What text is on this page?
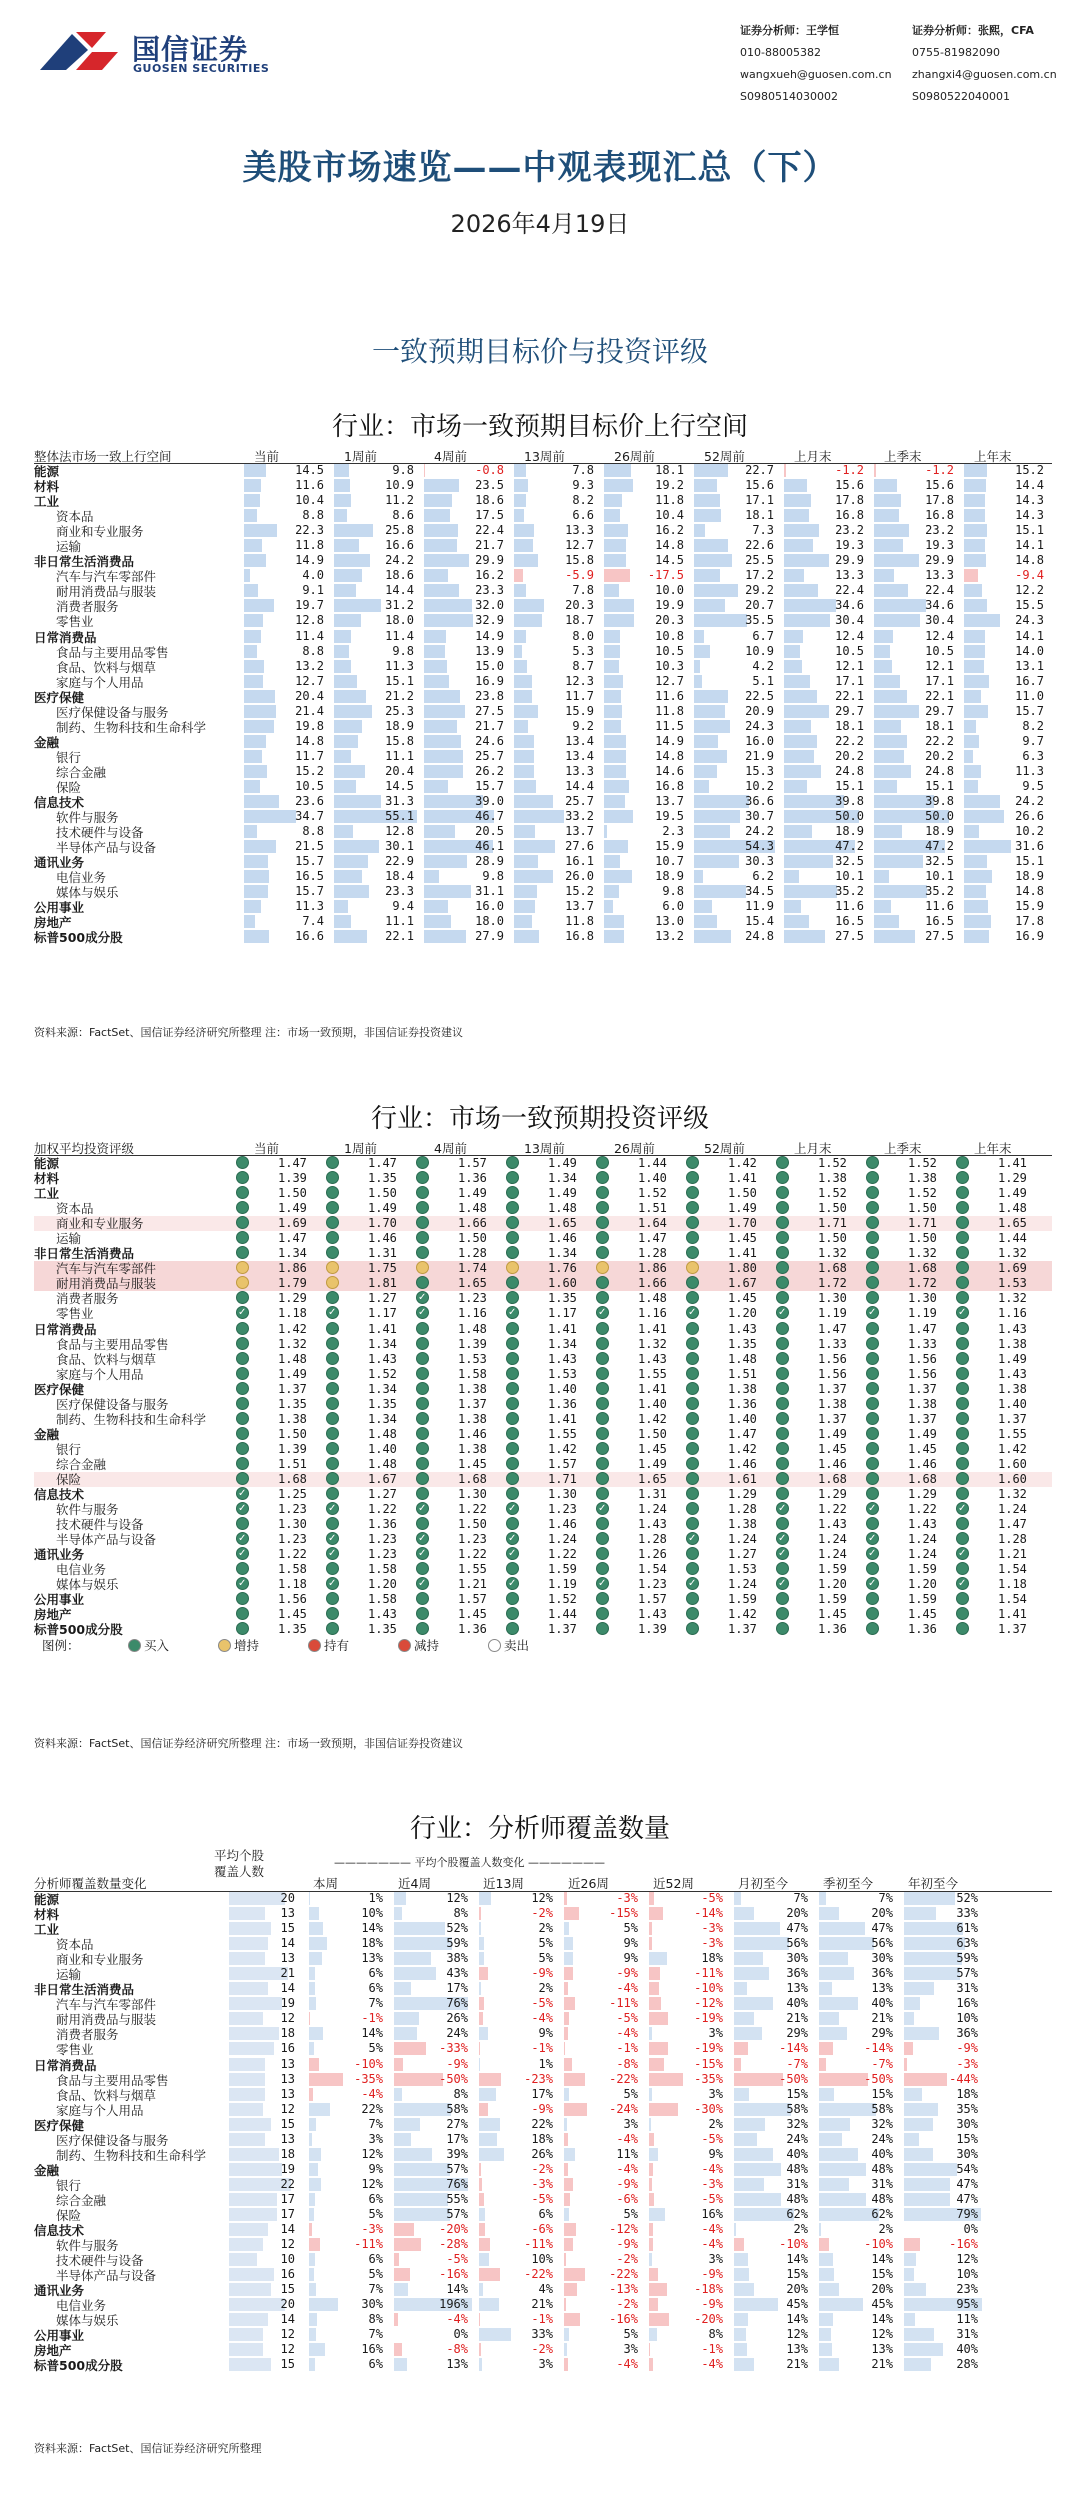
国信证券
GUOSEN SECURITIES
证券分析师：王学恒
010-88005382
wangxueh@guosen.com.cn
S0980514030002
证券分析师：张熙，CFA
0755-81982090
zhangxi4@guosen.com.cn
S0980522040001
美股市场速览——中观表现汇总（下）
2026年4月19日
一致预期目标价与投资评级
行业：市场一致预期目标价上行空间
整体法市场一致上行空间	当前	1周前	4周前	13周前	26周前	52周前	上月末	上季末	上年末
能源	14.5	9.8	-0.8	7.8	18.1	22.7	-1.2	-1.2	15.2
材料	11.6	10.9	23.5	9.3	19.2	15.6	15.6	15.6	14.4
工业	10.4	11.2	18.6	8.2	11.8	17.1	17.8	17.8	14.3
资本品	8.8	8.6	17.5	6.6	10.4	18.1	16.8	16.8	14.3
商业和专业服务	22.3	25.8	22.4	13.3	16.2	7.3	23.2	23.2	15.1
运输	11.8	16.6	21.7	12.7	14.8	22.6	19.3	19.3	14.1
非日常生活消费品	14.9	24.2	29.9	15.8	14.5	25.5	29.9	29.9	14.8
汽车与汽车零部件	4.0	18.6	16.2	-5.9	-17.5	17.2	13.3	13.3	-9.4
耐用消费品与服装	9.1	14.4	23.3	7.8	10.0	29.2	22.4	22.4	12.2
消费者服务	19.7	31.2	32.0	20.3	19.9	20.7	34.6	34.6	15.5
零售业	12.8	18.0	32.9	18.7	20.3	35.5	30.4	30.4	24.3
日常消费品	11.4	11.4	14.9	8.0	10.8	6.7	12.4	12.4	14.1
食品与主要用品零售	8.8	9.8	13.9	5.3	10.5	10.9	10.5	10.5	14.0
食品、饮料与烟草	13.2	11.3	15.0	8.7	10.3	4.2	12.1	12.1	13.1
家庭与个人用品	12.7	15.1	16.9	12.3	12.7	5.1	17.1	17.1	16.7
医疗保健	20.4	21.2	23.8	11.7	11.6	22.5	22.1	22.1	11.0
医疗保健设备与服务	21.4	25.3	27.5	15.9	11.8	20.9	29.7	29.7	15.7
制药、生物科技和生命科学	19.8	18.9	21.7	9.2	11.5	24.3	18.1	18.1	8.2
金融	14.8	15.8	24.6	13.4	14.9	16.0	22.2	22.2	9.7
银行	11.7	11.1	25.7	13.4	14.8	21.9	20.2	20.2	6.3
综合金融	15.2	20.4	26.2	13.3	14.6	15.3	24.8	24.8	11.3
保险	10.5	14.5	15.7	14.4	16.8	10.2	15.1	15.1	9.5
信息技术	23.6	31.3	39.0	25.7	13.7	36.6	39.8	39.8	24.2
软件与服务	34.7	55.1	46.7	33.2	19.5	30.7	50.0	50.0	26.6
技术硬件与设备	8.8	12.8	20.5	13.7	2.3	24.2	18.9	18.9	10.2
半导体产品与设备	21.5	30.1	46.1	27.6	15.9	54.3	47.2	47.2	31.6
通讯业务	15.7	22.9	28.9	16.1	10.7	30.3	32.5	32.5	15.1
电信业务	16.5	18.4	9.8	26.0	18.9	6.2	10.1	10.1	18.9
媒体与娱乐	15.7	23.3	31.1	15.2	9.8	34.5	35.2	35.2	14.8
公用事业	11.3	9.4	16.0	13.7	6.0	11.9	11.6	11.6	15.9
房地产	7.4	11.1	18.0	11.8	13.0	15.4	16.5	16.5	17.8
标普500成分股	16.6	22.1	27.9	16.8	13.2	24.8	27.5	27.5	16.9
资料来源：FactSet、国信证券经济研究所整理 注：市场一致预期，非国信证券投资建议
行业：市场一致预期投资评级
加权平均投资评级	当前	1周前	4周前	13周前	26周前	52周前	上月末	上季末	上年末
能源	1.47	1.47	1.57	1.49	1.44	1.42	1.52	1.52	1.41
材料	1.39	1.35	1.36	1.34	1.40	1.41	1.38	1.38	1.29
工业	1.50	1.50	1.49	1.49	1.52	1.50	1.52	1.52	1.49
资本品	1.49	1.49	1.48	1.48	1.51	1.49	1.50	1.50	1.48
商业和专业服务	1.69	1.70	1.66	1.65	1.64	1.70	1.71	1.71	1.65
运输	1.47	1.46	1.50	1.46	1.47	1.45	1.50	1.50	1.44
非日常生活消费品	1.34	1.31	1.28	1.34	1.28	1.41	1.32	1.32	1.32
汽车与汽车零部件	1.86	1.75	1.74	1.76	1.86	1.80	1.68	1.68	1.69
耐用消费品与服装	1.79	1.81	1.65	1.60	1.66	1.67	1.72	1.72	1.53
消费者服务	1.29	1.27 ✓	1.23	1.35	1.48	1.45	1.30	1.30	1.32
零售业 ✓	1.18 ✓	1.17 ✓	1.16 ✓	1.17 ✓	1.16 ✓	1.20 ✓	1.19 ✓	1.19 ✓	1.16
日常消费品	1.42	1.41	1.48	1.41	1.41	1.43	1.47	1.47	1.43
食品与主要用品零售	1.32	1.34	1.39	1.34	1.32	1.35	1.33	1.33	1.38
食品、饮料与烟草	1.48	1.43	1.53	1.43	1.43	1.48	1.56	1.56	1.49
家庭与个人用品	1.49	1.52	1.58	1.53	1.55	1.51	1.56	1.56	1.43
医疗保健	1.37	1.34	1.38	1.40	1.41	1.38	1.37	1.37	1.38
医疗保健设备与服务	1.35	1.35	1.37	1.36	1.40	1.36	1.38	1.38	1.40
制药、生物科技和生命科学	1.38	1.34	1.38	1.41	1.42	1.40	1.37	1.37	1.37
金融	1.50	1.48	1.46	1.55	1.50	1.47	1.49	1.49	1.55
银行	1.39	1.40	1.38	1.42	1.45	1.42	1.45	1.45	1.42
综合金融	1.51	1.48	1.45	1.57	1.49	1.46	1.46	1.46	1.60
保险	1.68	1.67	1.68	1.71	1.65	1.61	1.68	1.68	1.60
信息技术 ✓	1.25	1.27	1.30	1.30	1.31	1.29	1.29	1.29	1.32
软件与服务 ✓	1.23 ✓	1.22 ✓	1.22 ✓	1.23 ✓	1.24	1.28 ✓	1.22 ✓	1.22 ✓	1.24
技术硬件与设备	1.30	1.36	1.50	1.46	1.43	1.38	1.43	1.43	1.47
半导体产品与设备 ✓	1.23 ✓	1.23 ✓	1.23 ✓	1.24	1.28 ✓	1.24 ✓	1.24 ✓	1.24	1.28
通讯业务 ✓	1.22 ✓	1.23 ✓	1.22 ✓	1.22	1.26	1.27 ✓	1.24 ✓	1.24 ✓	1.21
电信业务	1.58	1.58	1.55	1.59	1.54	1.53	1.59	1.59	1.54
媒体与娱乐 ✓	1.18 ✓	1.20 ✓	1.21 ✓	1.19 ✓	1.23 ✓	1.24 ✓	1.20 ✓	1.20 ✓	1.18
公用事业	1.56	1.58	1.57	1.52	1.57	1.59	1.59	1.59	1.54
房地产	1.45	1.43	1.45	1.44	1.43	1.42	1.45	1.45	1.41
标普500成分股	1.35	1.35	1.36	1.37	1.39	1.37	1.36	1.36	1.37
图例：	买入	增持	持有	减持	卖出
资料来源：FactSet、国信证券经济研究所整理 注：市场一致预期，非国信证券投资建议
行业：分析师覆盖数量
分析师覆盖数量变化
平均个股
覆盖人数
——————— 平均个股覆盖人数变化 ———————
本周	近4周	近13周	近26周	近52周	月初至今	季初至今	年初至今
能源	20	1%	12%	12%	-3%	-5%	7%	7%	52%
材料	13	10%	8%	-2%	-15%	-14%	20%	20%	33%
工业	15	14%	52%	2%	5%	-3%	47%	47%	61%
资本品	14	18%	59%	5%	9%	-3%	56%	56%	63%
商业和专业服务	13	13%	38%	5%	9%	18%	30%	30%	59%
运输	21	6%	43%	-9%	-9%	-11%	36%	36%	57%
非日常生活消费品	14	6%	17%	2%	-4%	-10%	13%	13%	31%
汽车与汽车零部件	19	7%	76%	-5%	-11%	-12%	40%	40%	16%
耐用消费品与服装	12	-1%	26%	-4%	-5%	-19%	21%	21%	10%
消费者服务	18	14%	24%	9%	-4%	3%	29%	29%	36%
零售业	16	5%	-33%	-1%	-1%	-19%	-14%	-14%	-9%
日常消费品	13	-10%	-9%	1%	-8%	-15%	-7%	-7%	-3%
食品与主要用品零售	13	-35%	-50%	-23%	-22%	-35%	-50%	-50%	-44%
食品、饮料与烟草	13	-4%	8%	17%	5%	3%	15%	15%	18%
家庭与个人用品	12	22%	58%	-9%	-24%	-30%	58%	58%	35%
医疗保健	15	7%	27%	22%	3%	2%	32%	32%	30%
医疗保健设备与服务	13	3%	17%	18%	-4%	-5%	24%	24%	15%
制药、生物科技和生命科学	18	12%	39%	26%	11%	9%	40%	40%	30%
金融	19	9%	57%	-2%	-4%	-4%	48%	48%	54%
银行	22	12%	76%	-3%	-9%	-3%	31%	31%	47%
综合金融	17	6%	55%	-5%	-6%	-5%	48%	48%	47%
保险	17	5%	57%	6%	5%	16%	62%	62%	79%
信息技术	14	-3%	-20%	-6%	-12%	-4%	2%	2%	0%
软件与服务	12	-11%	-28%	-11%	-9%	-4%	-10%	-10%	-16%
技术硬件与设备	10	6%	-5%	10%	-2%	3%	14%	14%	12%
半导体产品与设备	16	5%	-16%	-22%	-22%	-9%	15%	15%	10%
通讯业务	15	7%	14%	4%	-13%	-18%	20%	20%	23%
电信业务	20	30%	196%	21%	-2%	-9%	45%	45%	95%
媒体与娱乐	14	8%	-4%	-1%	-16%	-20%	14%	14%	11%
公用事业	12	7%	0%	33%	5%	8%	12%	12%	31%
房地产	12	16%	-8%	-2%	3%	-1%	13%	13%	40%
标普500成分股	15	6%	13%	3%	-4%	-4%	21%	21%	28%
资料来源：FactSet、国信证券经济研究所整理
